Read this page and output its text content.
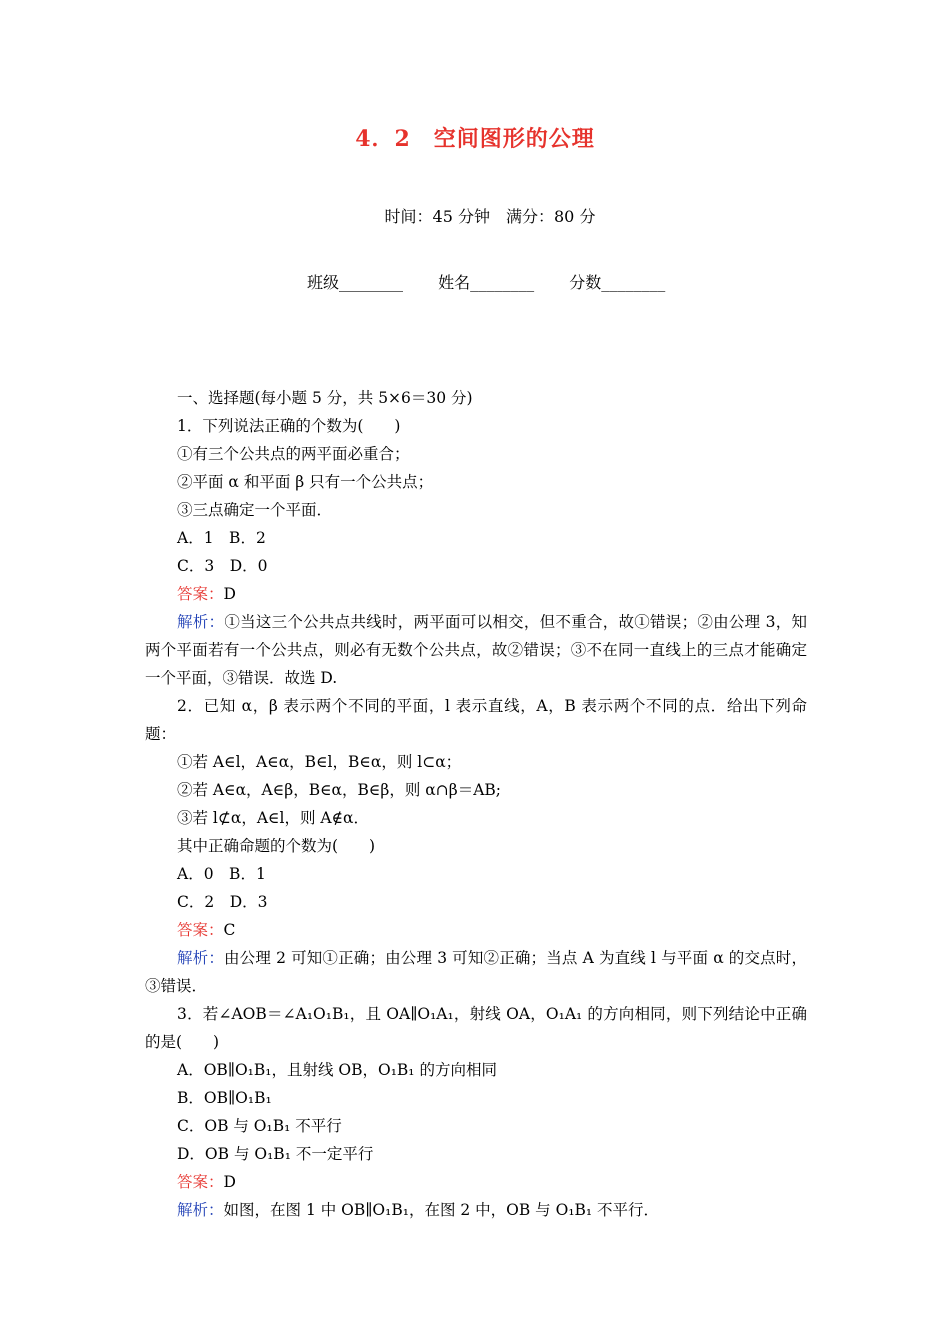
4．2　空间图形的公理
时间：45 分钟　满分：80 分
班级________ 姓名________ 分数________

一、选择题(每小题 5 分，共 5×6＝30 分)

1．下列说法正确的个数为(　　)

①有三个公共点的两平面必重合；

②平面 α 和平面 β 只有一个公共点；

③三点确定一个平面．

A．1　B．2

C．3　D．0

答案：D

解析：①当这三个公共点共线时，两平面可以相交，但不重合，故①错误；②由公理 3，知两个平面若有一个公共点，则必有无数个公共点，故②错误；③不在同一直线上的三点才能确定一个平面，③错误．故选 D.

2．已知 α，β 表示两个不同的平面，l 表示直线，A，B 表示两个不同的点．给出下列命题：

①若 A∈l，A∈α，B∈l，B∈α，则 l⊂α；

②若 A∈α，A∈β，B∈α，B∈β，则 α∩β＝AB;

③若 l⊄α，A∈l，则 A∉α．

其中正确命题的个数为(　　)

A．0　B．1

C．2　D．3

答案：C

解析：由公理 2 可知①正确；由公理 3 可知②正确；当点 A 为直线 l 与平面 α 的交点时，③错误．

3．若∠AOB＝∠A₁O₁B₁，且 OA∥O₁A₁，射线 OA，O₁A₁ 的方向相同，则下列结论中正确的是(　　)

A．OB∥O₁B₁，且射线 OB，O₁B₁ 的方向相同

B．OB∥O₁B₁

C．OB 与 O₁B₁ 不平行

D．OB 与 O₁B₁ 不一定平行

答案：D

解析：如图，在图 1 中 OB∥O₁B₁，在图 2 中，OB 与 O₁B₁ 不平行．
